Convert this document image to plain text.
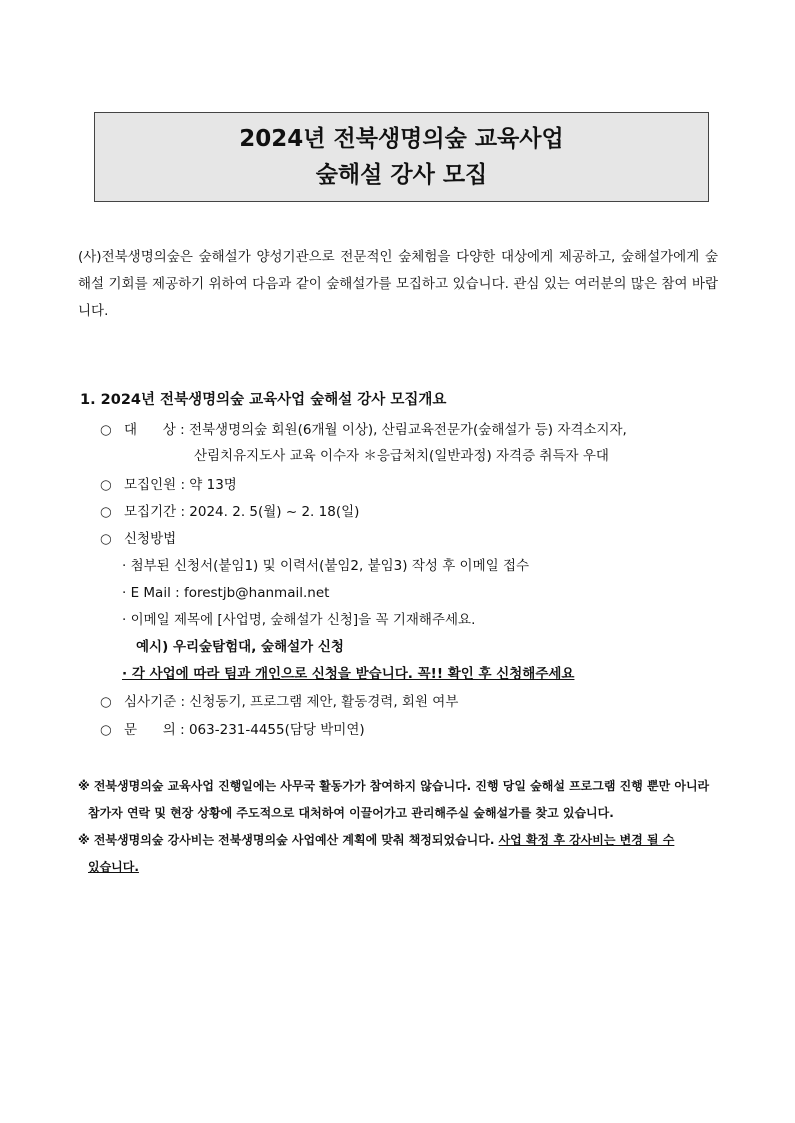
2024년 전북생명의숲 교육사업
숲해설 강사 모집

(사)전북생명의숲은 숲해설가 양성기관으로 전문적인 숲체험을 다양한 대상에게 제공하고, 숲해설가에게 숲해설 기회를 제공하기 위하여 다음과 같이 숲해설가를 모집하고 있습니다. 관심 있는 여러분의 많은 참여 바랍니다.

1. 2024년 전북생명의숲 교육사업 숲해설 강사 모집개요

○ 대      상 : 전북생명의숲 회원(6개월 이상), 산림교육전문가(숲해설가 등) 자격소지자,
산림치유지도사 교육 이수자 ＊응급처치(일반과정) 자격증 취득자 우대
○ 모집인원 : 약 13명
○ 모집기간 : 2024. 2. 5(월) ~ 2. 18(일)
○ 신청방법
· 첨부된 신청서(붙임1) 및 이력서(붙임2, 붙임3) 작성 후 이메일 접수
· E Mail : forestjb@hanmail.net
· 이메일 제목에 [사업명, 숲해설가 신청]을 꼭 기재해주세요.
예시) 우리숲탐험대, 숲해설가 신청
· 각 사업에 따라 팀과 개인으로 신청을 받습니다. 꼭!! 확인 후 신청해주세요
○ 심사기준 : 신청동기, 프로그램 제안, 활동경력, 회원 여부
○ 문      의 : 063-231-4455(담당 박미연)
※ 전북생명의숲 교육사업 진행일에는 사무국 활동가가 참여하지 않습니다. 진행 당일 숲해설 프로그램 진행 뿐만 아니라
참가자 연락 및 현장 상황에 주도적으로 대처하여 이끌어가고 관리해주실 숲해설가를 찾고 있습니다.
※ 전북생명의숲 강사비는 전북생명의숲 사업예산 계획에 맞춰 책정되었습니다. 사업 확정 후 강사비는 변경 될 수
있습니다.
